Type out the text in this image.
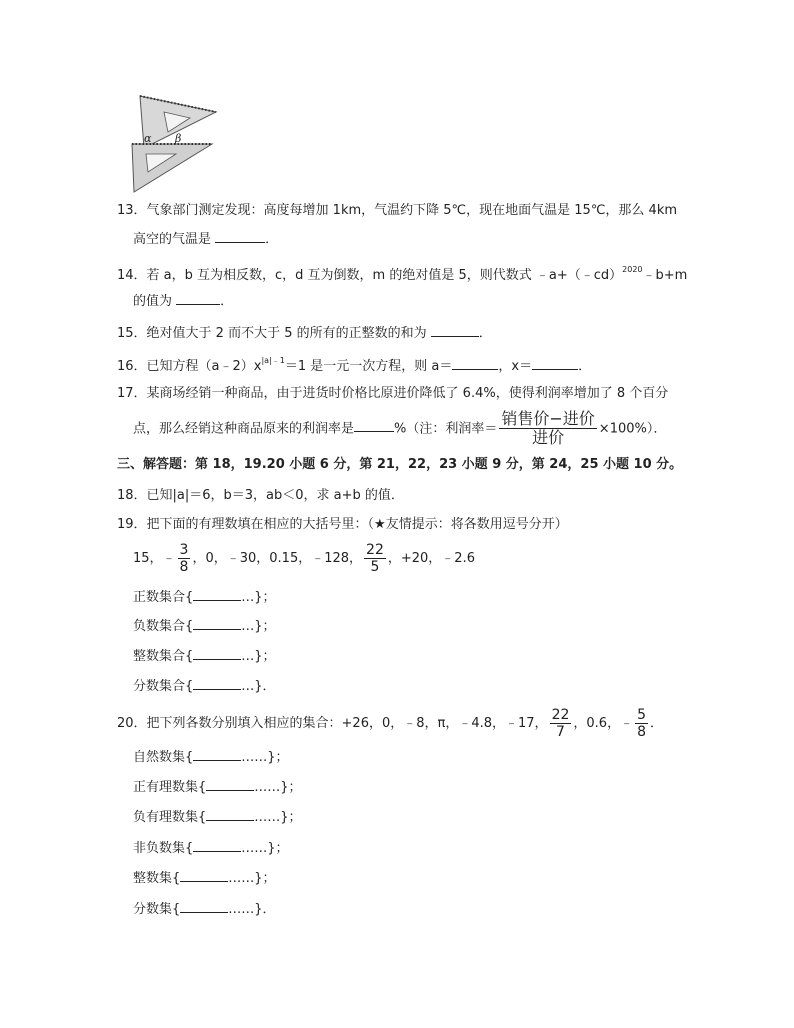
α β
13．气象部门测定发现：高度每增加 1km，气温约下降 5℃，现在地面气温是 15℃，那么 4km
高空的气温是	．
14．若 a，b 互为相反数，c，d 互为倒数，m 的绝对值是 5，则代数式 ﹣a+（﹣cd）$^{2020}$﹣b+m
的值为	．
15．绝对值大于 2 而不大于 5 的所有的正整数的和为	．
16．已知方程$(a﹣2)x^{|a|﹣1}=1$ 是一元一次方程，则 a＝	，x＝	．
17．某商场经销一种商品，由于进货时价格比原进价降低了 6.4%，使得利润率增加了 8 个百分
点，那么经销这种商品原来的利润率是	%（注：利润率＝ $\frac{\text{销售价−进价}}{\text{进价}} \times 100\%$）．
三、解答题：第 18，19.20 小题 6 分，第 21，22，23 小题 9 分，第 24，25 小题 10 分。
18．已知|a|＝6，b＝3，ab＜0，求 a+b 的值．
19．把下面的有理数填在相应的大括号里：（★友情提示：将各数用逗号分开）
15，﹣ $\frac{3}{8}$ ，0，﹣30，0.15，﹣128， $\frac{22}{5}$ ，+20，﹣2.6
正数集合{	…}；
负数集合{	…}；
整数集合{	…}；
分数集合{	…}．
20．把下列各数分别填入相应的集合：+26，0，﹣8，π，﹣4.8，﹣17， $\frac{22}{7}$ ，0.6，﹣ $\frac{5}{8}$ ．
自然数集{	……}；
正有理数集{	……}；
负有理数集{	……}；
非负数集{	……}；
整数集{	……}；
分数集{	……}．
